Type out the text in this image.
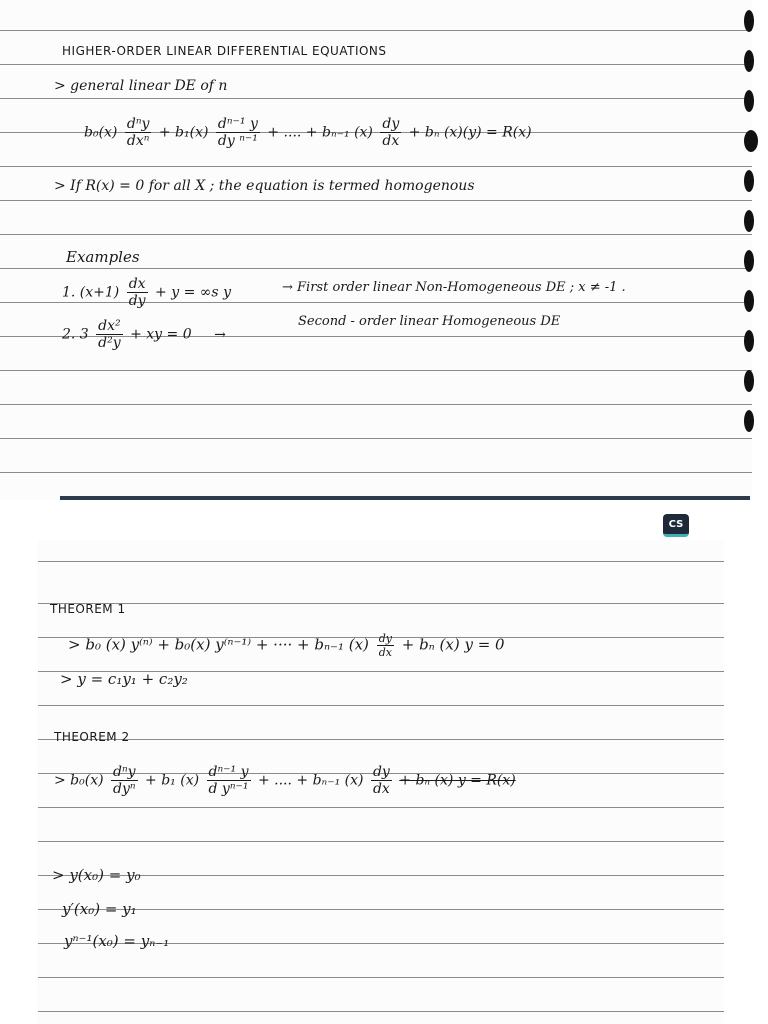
HIGHER-ORDER LINEAR DIFFERENTIAL EQUATIONS
> general linear DE of n
$b_0(x) \frac{\text{dⁿy}}{\text{dxⁿ}} + b_1(x) \frac{\text{dⁿ⁻¹ y}}{\text{dy ⁿ⁻¹}}$ + .... + bₙ₋₁ $(x) \frac{dy}{dx} + b_n$ (x)(y) = R(x)
> If R(x) = 0 for all X ; the equation is termed homogenous
Examples
1. $(x+1) \frac{dx}{dy} + y = \infty s$ y	→ First order linear Non-Homogeneous DE ; x ≠ -1 .
2. $3 \frac{\text{dx²}}{\text{d²y}}$ + xy = 0 →
Second - order linear Homogeneous DE
CS
THEOREM 1
> b₀ (x) y⁽ⁿ⁾ + b₀(x) y⁽ⁿ⁻¹⁾ + ···· + bₙ₋₁ $(x) \frac{dy}{dx} + b_n$ (x) y = 0
> y = c₁y₁ + c₂y₂
THEOREM 2
> $b_0(x) \frac{\text{dⁿy}}{\text{dyⁿ}} + b_1$ $(x) \frac{\text{dⁿ⁻¹ y}}{\text{d yⁿ⁻¹}}$ + .... + bₙ₋₁ $(x) \frac{dy}{dx} + b_n$ (x) y = R(x)
> y(x₀) = y₀
y′(x₀) = y₁
yⁿ⁻¹(x₀) = yₙ₋₁
